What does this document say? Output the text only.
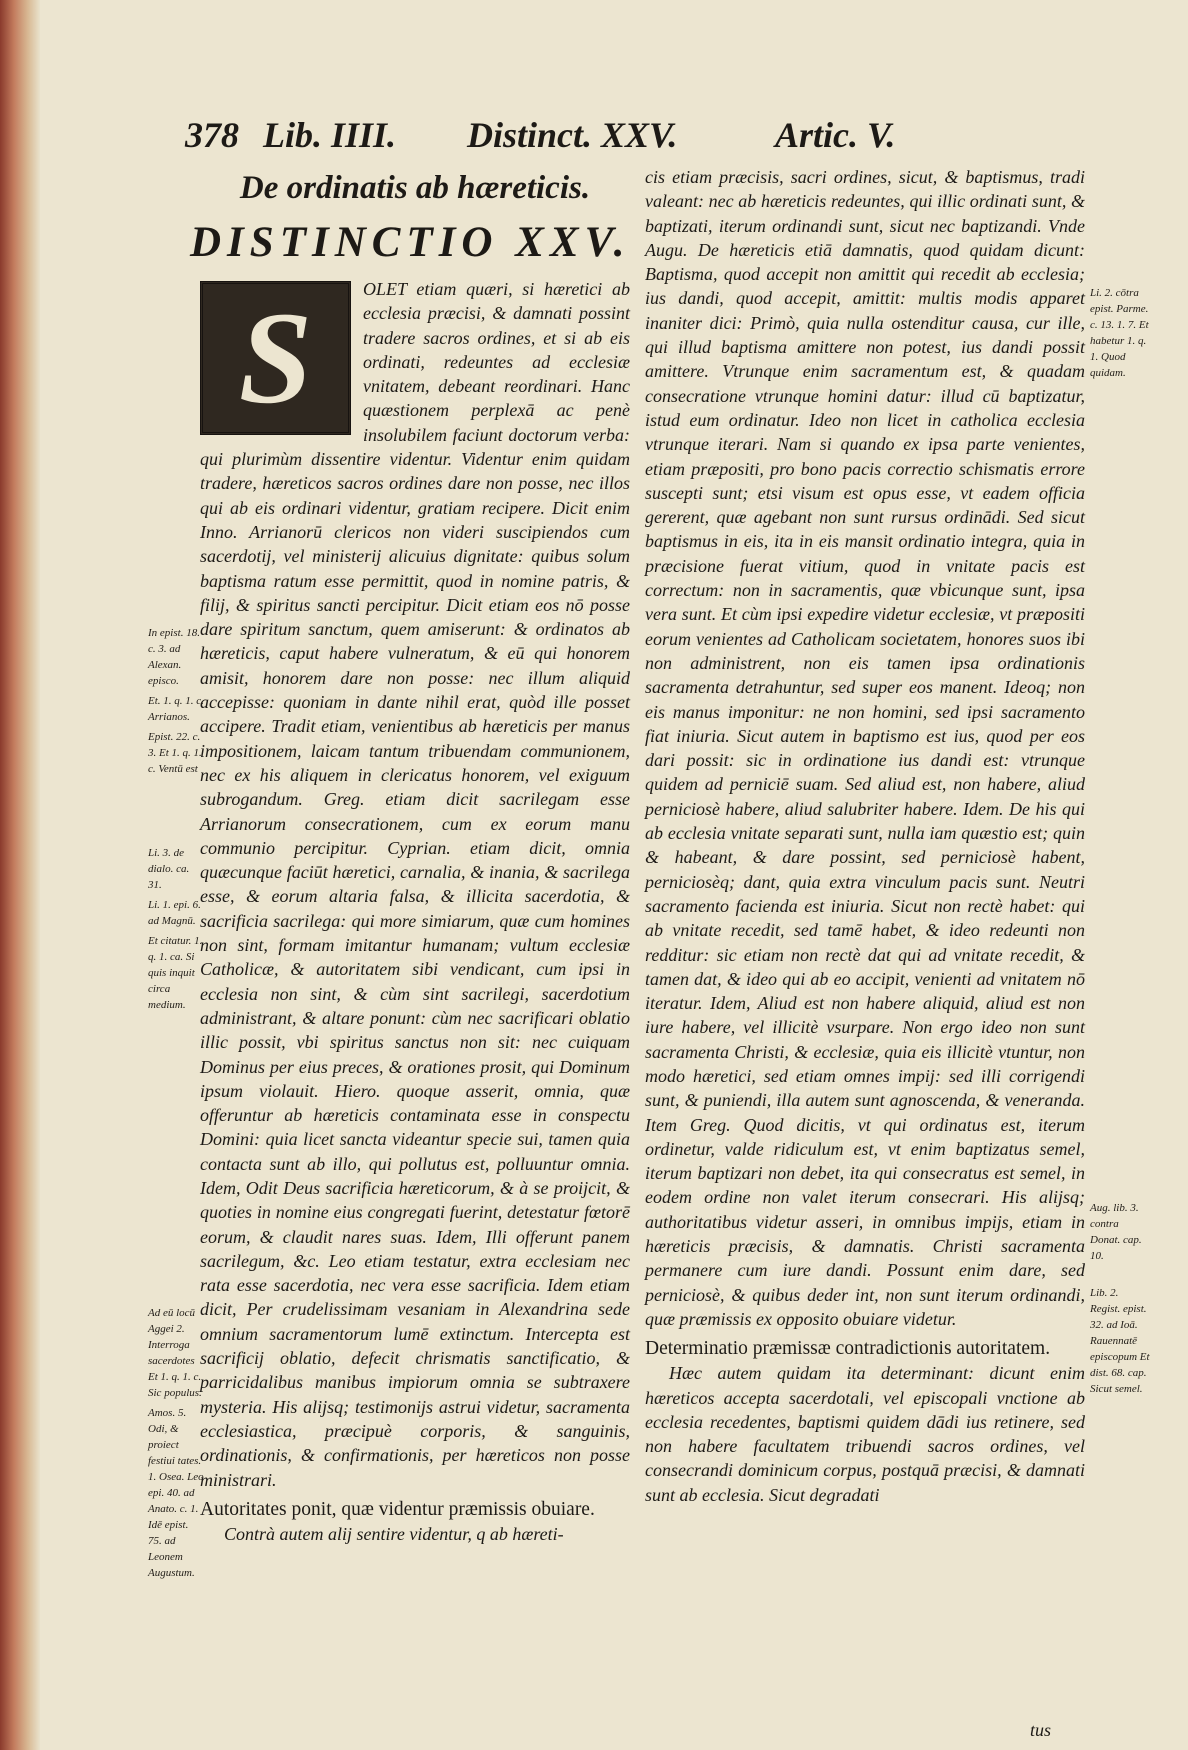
378 Lib. IIII. Distinct. XXV.	Artic. V.
In epist. 18. c. 3. ad Alexan. episco.
Et. 1. q. 1. c. Arrianos.
Epist. 22. c. 3. Et 1. q. 1. c. Ventū est
Li. 3. de dialo. ca. 31.
Li. 1. epi. 6. ad Magnū.
Et citatur. 1. q. 1. ca. Si quis inquit circa medium.
Ad eū locū Aggei 2. Interroga sacerdotes Et 1. q. 1. c. Sic populus.
Amos. 5. Odi, & proiect festiui tates. 1. Osea. Leo epi. 40. ad Anato. c. 1. Idē epist. 75. ad Leonem Augustum.
Li. 2. cōtra epist. Parme. c. 13. 1. 7. Et habetur 1. q. 1. Quod quidam.
Aug. lib. 3. contra Donat. cap. 10.
Lib. 2. Regist. epist. 32. ad Ioā. Rauennatē episcopum Et dist. 68. cap. Sicut semel.
De ordinatis ab hæreticis.
DISTINCTIO XXV.
S	OLET etiam quæri, si hæretici ab ecclesia præcisi, & damnati possint tradere sacros ordines, et si ab eis ordinati, redeuntes ad ecclesiæ vnitatem, debeant reordinari. Hanc quæstionem perplexā ac penè insolubilem faciunt doctorum verba: qui plurimùm dissentire videntur. Videntur enim quidam tradere, hæreticos sacros ordines dare non posse, nec illos qui ab eis ordinari videntur, gratiam recipere. Dicit enim Inno. Arrianorū clericos non videri suscipiendos cum sacerdotij, vel ministerij alicuius dignitate: quibus solum baptisma ratum esse permittit, quod in nomine patris, & filij, & spiritus sancti percipitur. Dicit etiam eos nō posse dare spiritum sanctum, quem amiserunt: & ordinatos ab hæreticis, caput habere vulneratum, & eū qui honorem amisit, honorem dare non posse: nec illum aliquid accepisse: quoniam in dante nihil erat, quòd ille posset accipere. Tradit etiam, venientibus ab hæreticis per manus impositionem, laicam tantum tribuendam communionem, nec ex his aliquem in clericatus honorem, vel exiguum subrogandum. Greg. etiam dicit sacrilegam esse Arrianorum consecrationem, cum ex eorum manu communio percipitur. Cyprian. etiam dicit, omnia quæcunque faciūt hæretici, carnalia, & inania, & sacrilega esse, & eorum altaria falsa, & illicita sacerdotia, & sacrificia sacrilega: qui more simiarum, quæ cum homines non sint, formam imitantur humanam; vultum ecclesiæ Catholicæ, & autoritatem sibi vendicant, cum ipsi in ecclesia non sint, & cùm sint sacrilegi, sacerdotium administrant, & altare ponunt: cùm nec sacrificari oblatio illic possit, vbi spiritus sanctus non sit: nec cuiquam Dominus per eius preces, & orationes prosit, qui Dominum ipsum violauit. Hiero. quoque asserit, omnia, quæ offeruntur ab hæreticis contaminata esse in conspectu Domini: quia licet sancta videantur specie sui, tamen quia contacta sunt ab illo, qui pollutus est, polluuntur omnia. Idem, Odit Deus sacrificia hæreticorum, & à se proijcit, & quoties in nomine eius congregati fuerint, detestatur fœtorē eorum, & claudit nares suas. Idem, Illi offerunt panem sacrilegum, &c. Leo etiam testatur, extra ecclesiam nec rata esse sacerdotia, nec vera esse sacrificia. Idem etiam dicit, Per crudelissimam vesaniam in Alexandrina sede omnium sacramentorum lumē extinctum. Intercepta est sacrificij oblatio, defecit chrismatis sanctificatio, & parricidalibus manibus impiorum omnia se subtraxere mysteria. His alijsq; testimonijs astrui videtur, sacramenta ecclesiastica, præcipuè corporis, & sanguinis, ordinationis, & confirmationis, per hæreticos non posse ministrari.

Autoritates ponit, quæ videntur præmissis obuiare.

Contrà autem alij sentire videntur, q ab hæreti-

cis etiam præcisis, sacri ordines, sicut, & baptismus, tradi valeant: nec ab hæreticis redeuntes, qui illic ordinati sunt, & baptizati, iterum ordinandi sunt, sicut nec baptizandi. Vnde Augu. De hæreticis etiā damnatis, quod quidam dicunt: Baptisma, quod accepit non amittit qui recedit ab ecclesia; ius dandi, quod accepit, amittit: multis modis apparet inaniter dici: Primò, quia nulla ostenditur causa, cur ille, qui illud baptisma amittere non potest, ius dandi possit amittere. Vtrunque enim sacramentum est, & quadam consecratione vtrunque homini datur: illud cū baptizatur, istud eum ordinatur. Ideo non licet in catholica ecclesia vtrunque iterari. Nam si quando ex ipsa parte venientes, etiam præpositi, pro bono pacis correctio schismatis errore suscepti sunt; etsi visum est opus esse, vt eadem officia gererent, quæ agebant non sunt rursus ordinādi. Sed sicut baptismus in eis, ita in eis mansit ordinatio integra, quia in præcisione fuerat vitium, quod in vnitate pacis est correctum: non in sacramentis, quæ vbicunque sunt, ipsa vera sunt. Et cùm ipsi expedire videtur ecclesiæ, vt præpositi eorum venientes ad Catholicam societatem, honores suos ibi non administrent, non eis tamen ipsa ordinationis sacramenta detrahuntur, sed super eos manent. Ideoq; non eis manus imponitur: ne non homini, sed ipsi sacramento fiat iniuria. Sicut autem in baptismo est ius, quod per eos dari possit: sic in ordinatione ius dandi est: vtrunque quidem ad perniciē suam. Sed aliud est, non habere, aliud perniciosè habere, aliud salubriter habere. Idem. De his qui ab ecclesia vnitate separati sunt, nulla iam quæstio est; quin & habeant, & dare possint, sed perniciosè habent, perniciosèq; dant, quia extra vinculum pacis sunt. Neutri sacramento facienda est iniuria. Sicut non rectè habet: qui ab vnitate recedit, sed tamē habet, & ideo redeunti non redditur: sic etiam non rectè dat qui ad vnitate recedit, & tamen dat, & ideo qui ab eo accipit, venienti ad vnitatem nō iteratur. Idem, Aliud est non habere aliquid, aliud est non iure habere, vel illicitè vsurpare. Non ergo ideo non sunt sacramenta Christi, & ecclesiæ, quia eis illicitè vtuntur, non modo hæretici, sed etiam omnes impij: sed illi corrigendi sunt, & puniendi, illa autem sunt agnoscenda, & veneranda. Item Greg. Quod dicitis, vt qui ordinatus est, iterum ordinetur, valde ridiculum est, vt enim baptizatus semel, iterum baptizari non debet, ita qui consecratus est semel, in eodem ordine non valet iterum consecrari. His alijsq; authoritatibus videtur asseri, in omnibus impijs, etiam in hæreticis præcisis, & damnatis. Christi sacramenta permanere cum iure dandi. Possunt enim dare, sed perniciosè, & quibus deder int, non sunt iterum ordinandi, quæ præmissis ex opposito obuiare videtur.

Determinatio præmissæ contradictionis autoritatem.

Hæc autem quidam ita determinant: dicunt enim hæreticos accepta sacerdotali, vel episcopali vnctione ab ecclesia recedentes, baptismi quidem dādi ius retinere, sed non habere facultatem tribuendi sacros ordines, vel consecrandi dominicum corpus, postquā præcisi, & damnati sunt ab ecclesia. Sicut degradati

tus
